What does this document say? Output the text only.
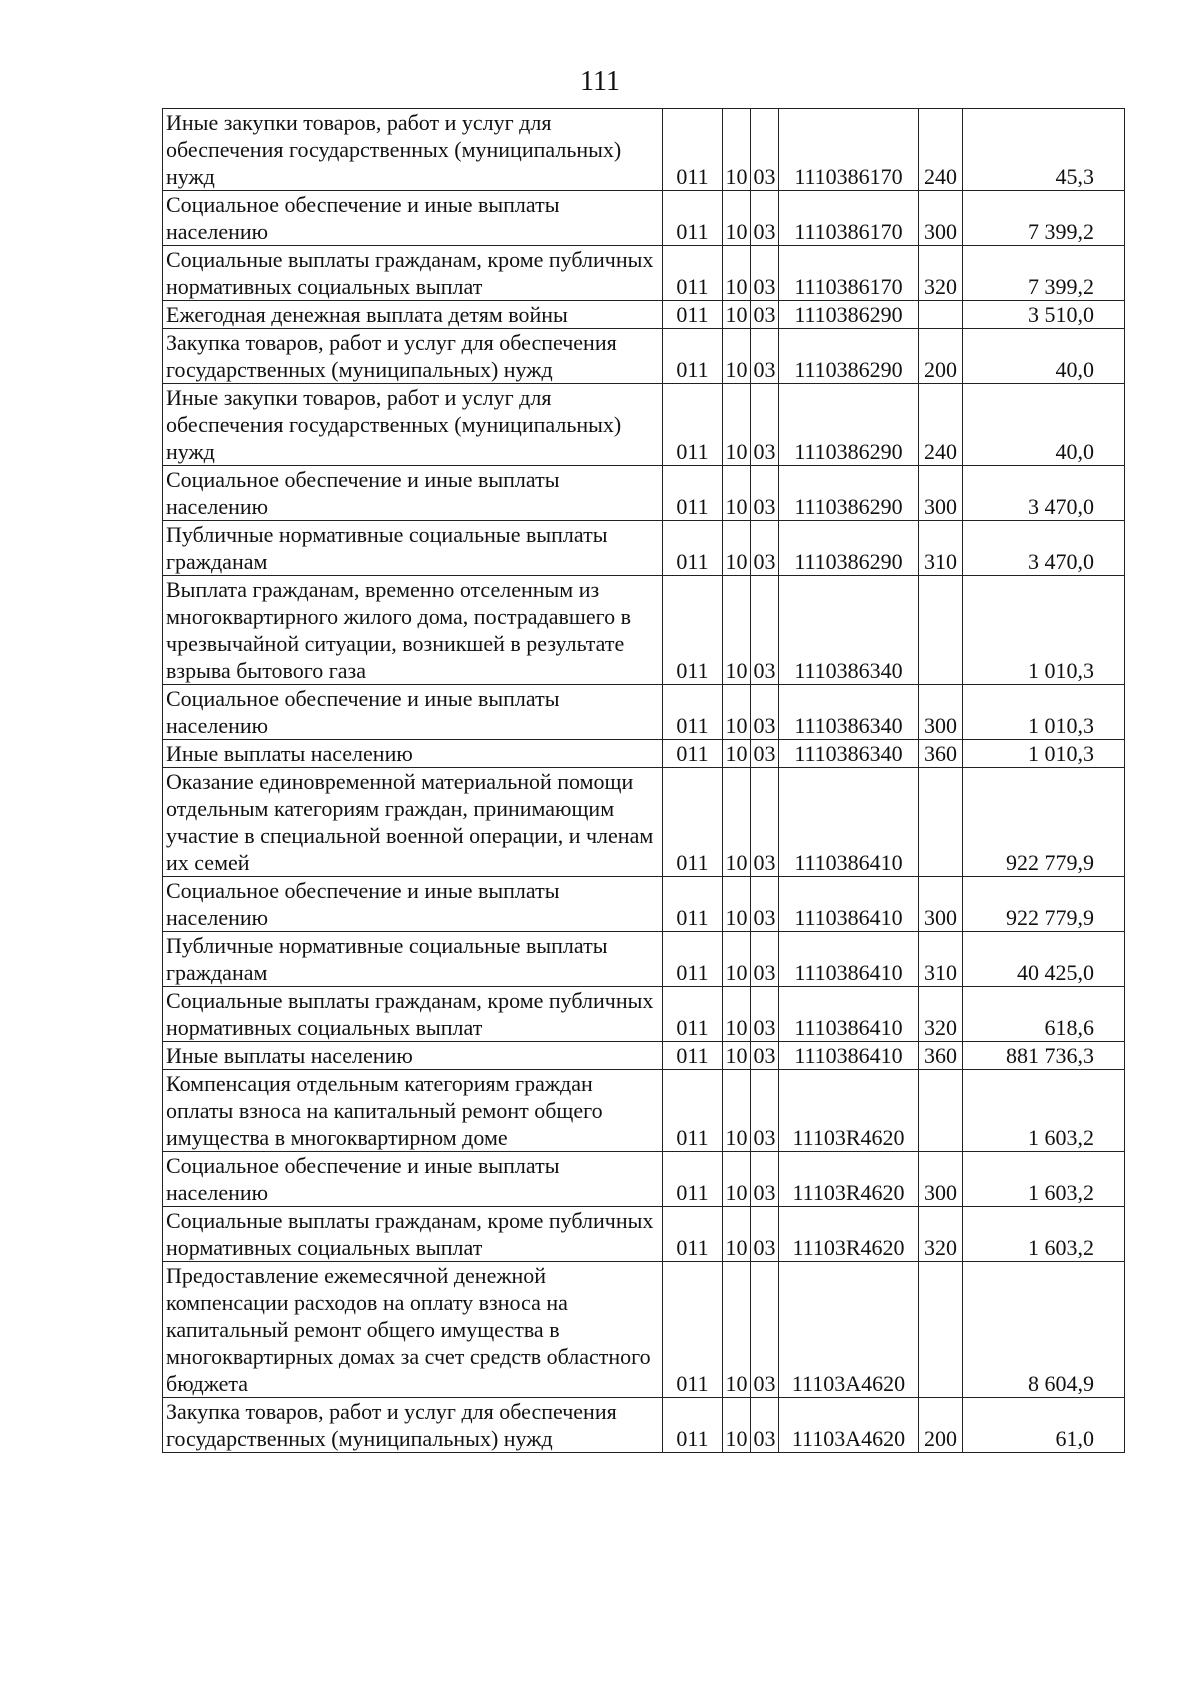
111
Иные закупки товаров, работ и услуг для обеспечения государственных (муниципальных) нужд	011	10	03	1110386170	240	45,3
Социальное обеспечение и иные выплаты населению	011	10	03	1110386170	300	7 399,2
Социальные выплаты гражданам, кроме публичных нормативных социальных выплат	011	10	03	1110386170	320	7 399,2
Ежегодная денежная выплата детям войны	011	10	03	1110386290		3 510,0
Закупка товаров, работ и услуг для обеспечения государственных (муниципальных) нужд	011	10	03	1110386290	200	40,0
Иные закупки товаров, работ и услуг для обеспечения государственных (муниципальных) нужд	011	10	03	1110386290	240	40,0
Социальное обеспечение и иные выплаты населению	011	10	03	1110386290	300	3 470,0
Публичные нормативные социальные выплаты гражданам	011	10	03	1110386290	310	3 470,0
Выплата гражданам, временно отселенным из многоквартирного жилого дома, пострадавшего в чрезвычайной ситуации, возникшей в результате взрыва бытового газа	011	10	03	1110386340		1 010,3
Социальное обеспечение и иные выплаты населению	011	10	03	1110386340	300	1 010,3
Иные выплаты населению	011	10	03	1110386340	360	1 010,3
Оказание единовременной материальной помощи отдельным категориям граждан, принимающим участие в специальной военной операции, и членам их семей	011	10	03	1110386410		922 779,9
Социальное обеспечение и иные выплаты населению	011	10	03	1110386410	300	922 779,9
Публичные нормативные социальные выплаты гражданам	011	10	03	1110386410	310	40 425,0
Социальные выплаты гражданам, кроме публичных нормативных социальных выплат	011	10	03	1110386410	320	618,6
Иные выплаты населению	011	10	03	1110386410	360	881 736,3
Компенсация отдельным категориям граждан оплаты взноса на капитальный ремонт общего имущества в многоквартирном доме	011	10	03	11103R4620		1 603,2
Социальное обеспечение и иные выплаты населению	011	10	03	11103R4620	300	1 603,2
Социальные выплаты гражданам, кроме публичных нормативных социальных выплат	011	10	03	11103R4620	320	1 603,2
Предоставление ежемесячной денежной компенсации расходов на оплату взноса на капитальный ремонт общего имущества в многоквартирных домах за счет средств областного бюджета	011	10	03	11103A4620		8 604,9
Закупка товаров, работ и услуг для обеспечения государственных (муниципальных) нужд	011	10	03	11103A4620	200	61,0
